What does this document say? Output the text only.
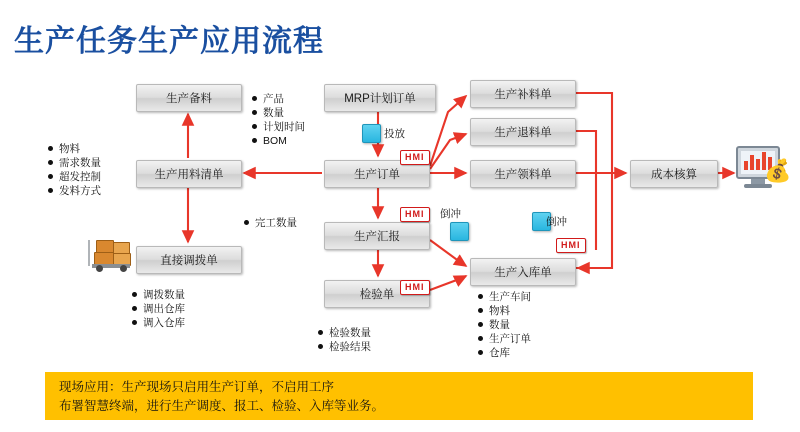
生产任务生产应用流程
生产备料	MRP计划订单	生产补料单
生产退料单
生产用料清单	生产订单	生产领料单	成本核算
直接调拨单
生产汇报
生产入库单
检验单
HMI
HMI
HMI
HMI
投放
倒冲
倒冲
物料
需求数量
超发控制
发料方式
产品
数量
计划时间
BOM
完工数量
调拨数量
调出仓库
调入仓库
检验数量
检验结果
生产车间
物料
数量
生产订单
仓库
💰
现场应用：生产现场只启用生产订单，不启用工序
布署智慧终端，进行生产调度、报工、检验、入库等业务。
